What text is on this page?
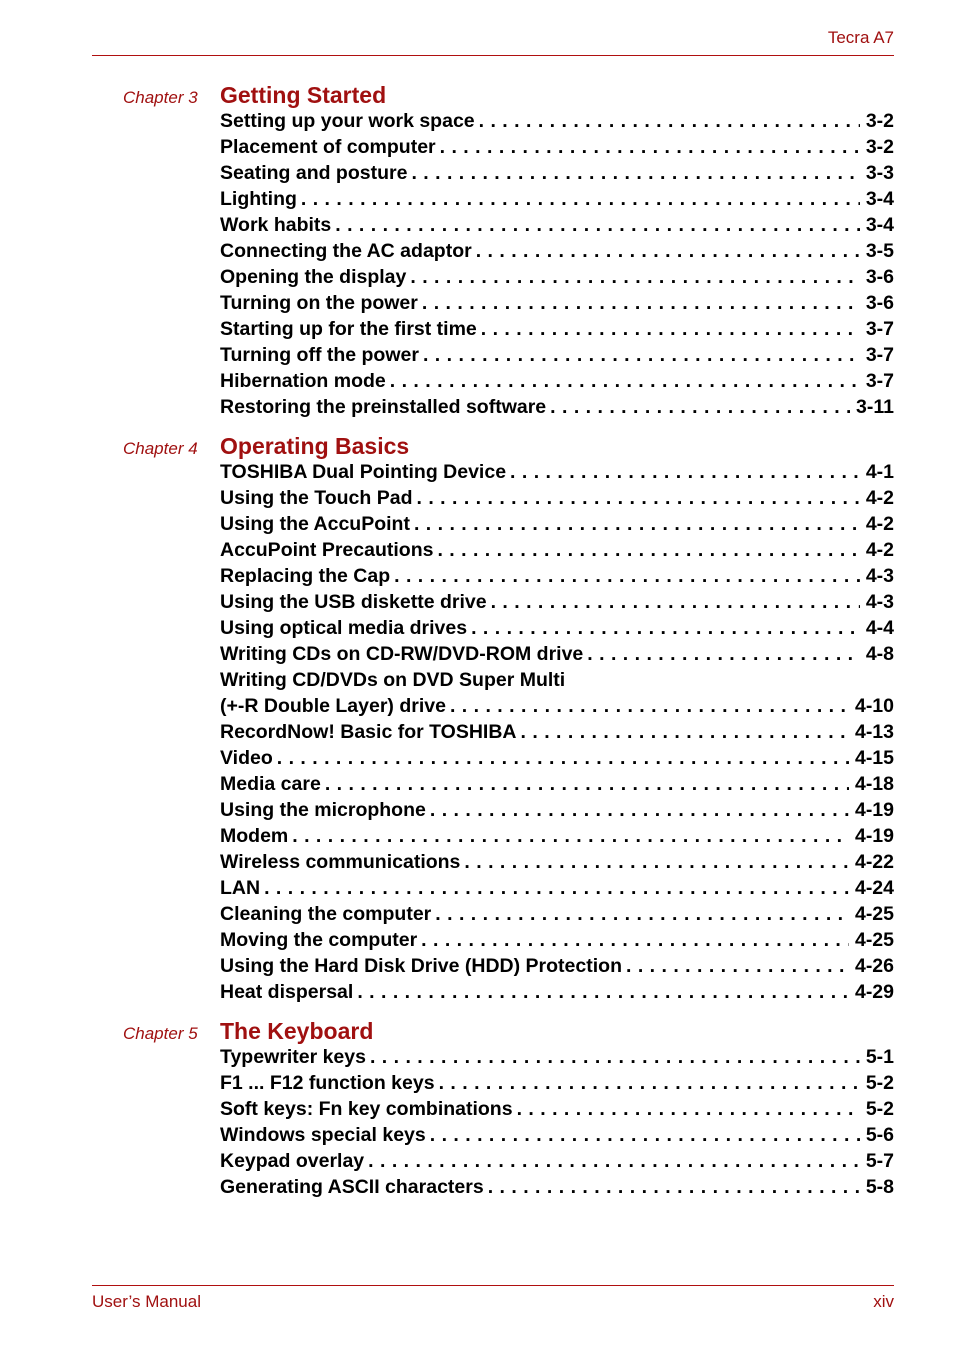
Tecra A7
Chapter 3 Getting Started
Setting up your work space . . .	3-2
Placement of computer . . .	3-2
Seating and posture . . .	3-3
Lighting . . .	3-4
Work habits . . .	3-4
Connecting the AC adaptor . . .	3-5
Opening the display . . .	3-6
Turning on the power . . .	3-6
Starting up for the first time . . .	3-7
Turning off the power . . .	3-7
Hibernation mode . . .	3-7
Restoring the preinstalled software . . .	3-11
Chapter 4 Operating Basics
TOSHIBA Dual Pointing Device . . .	4-1
Using the Touch Pad . . .	4-2
Using the AccuPoint . . .	4-2
AccuPoint Precautions . . .	4-2
Replacing the Cap . . .	4-3
Using the USB diskette drive . . .	4-3
Using optical media drives . . .	4-4
Writing CDs on CD-RW/DVD-ROM drive . . .	4-8
Writing CD/DVDs on DVD Super Multi
(+-R Double Layer) drive . . .	4-10
RecordNow! Basic for TOSHIBA . . .	4-13
Video . . .	4-15
Media care . . .	4-18
Using the microphone . . .	4-19
Modem . . .	4-19
Wireless communications . . .	4-22
LAN . . .	4-24
Cleaning the computer . . .	4-25
Moving the computer . . .	4-25
Using the Hard Disk Drive (HDD) Protection . . .	4-26
Heat dispersal . . .	4-29
Chapter 5 The Keyboard
Typewriter keys . . .	5-1
F1 ... F12 function keys . . .	5-2
Soft keys: Fn key combinations . . .	5-2
Windows special keys . . .	5-6
Keypad overlay . . .	5-7
Generating ASCII characters . . .	5-8
User’s Manual	xiv
